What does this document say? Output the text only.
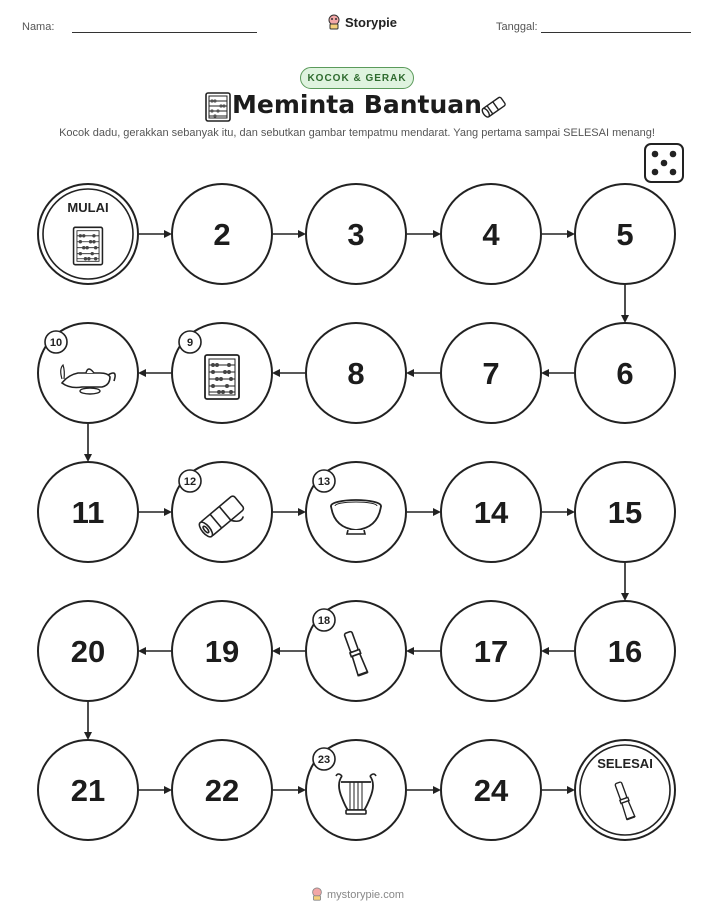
Nama:	Storypie	Tanggal:
KOCOK & GERAK
Meminta Bantuan
Kocok dadu, gerakkan sebanyak itu, dan sebutkan gambar tempatmu mendarat. Yang pertama sampai SELESAI menang!
MULAI
2	3	4	5
6
7
8
9
10
11
12	13
14	15
16
17
18
19
20
21	22
23
24
SELESAI
mystorypie.com
